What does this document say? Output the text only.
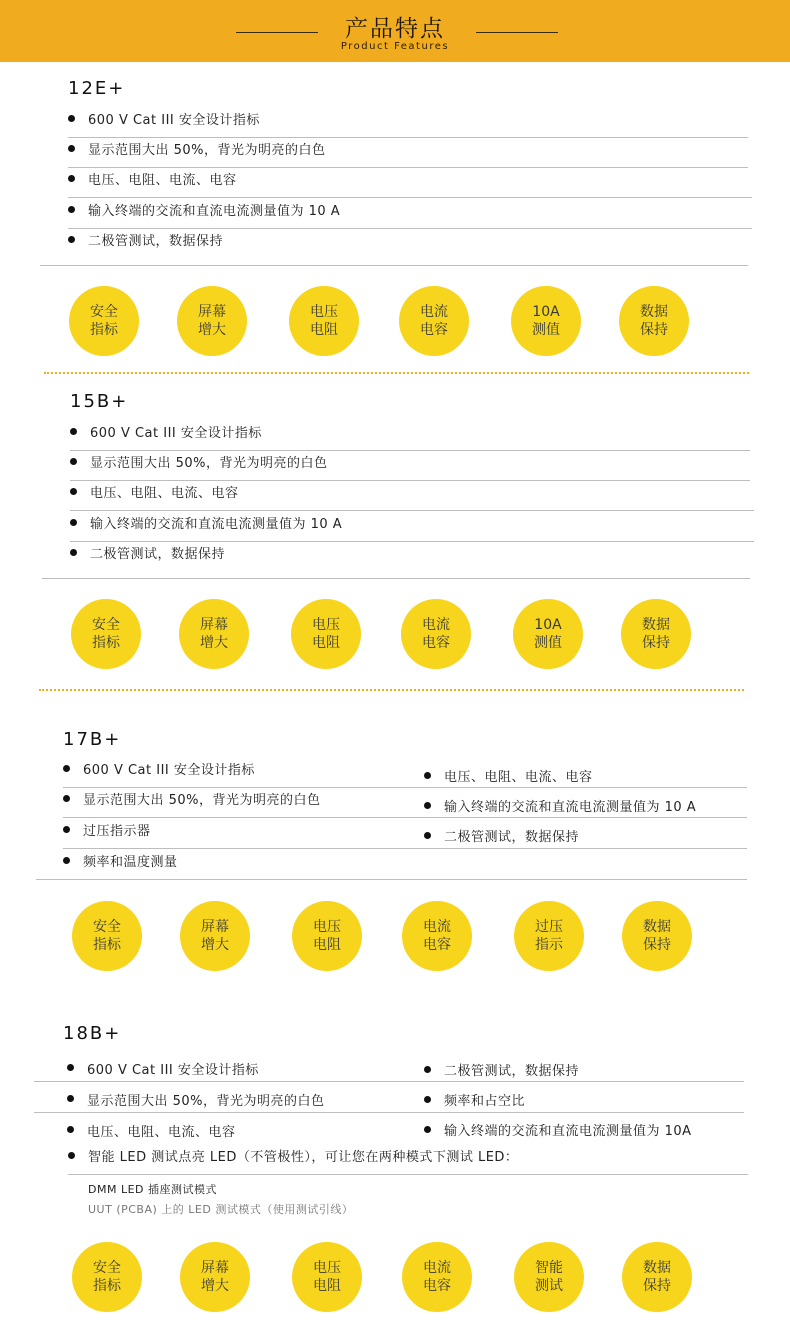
产品特点
Product Features
12E+
600 V Cat III 安全设计指标
显示范围大出 50%，背光为明亮的白色
电压、电阻、电流、电容
输入终端的交流和直流电流测量值为 10 A
二极管测试，数据保持
安全
指标
屏幕
增大
电压
电阻
电流
电容
10A
测值
数据
保持
15B+
600 V Cat III 安全设计指标
显示范围大出 50%，背光为明亮的白色
电压、电阻、电流、电容
输入终端的交流和直流电流测量值为 10 A
二极管测试，数据保持
安全
指标
屏幕
增大
电压
电阻
电流
电容
10A
测值
数据
保持
17B+
600 V Cat III 安全设计指标
显示范围大出 50%，背光为明亮的白色
过压指示器
频率和温度测量
电压、电阻、电流、电容
输入终端的交流和直流电流测量值为 10 A
二极管测试，数据保持
安全
指标
屏幕
增大
电压
电阻
电流
电容
过压
指示
数据
保持
18B+
600 V Cat III 安全设计指标
显示范围大出 50%，背光为明亮的白色
电压、电阻、电流、电容
二极管测试，数据保持
频率和占空比
输入终端的交流和直流电流测量值为 10A
智能 LED 测试点亮 LED（不管极性），可让您在两种模式下测试 LED：
DMM LED 插座测试模式
UUT (PCBA) 上的 LED 测试模式（使用测试引线）
安全
指标
屏幕
增大
电压
电阻
电流
电容
智能
测试
数据
保持
